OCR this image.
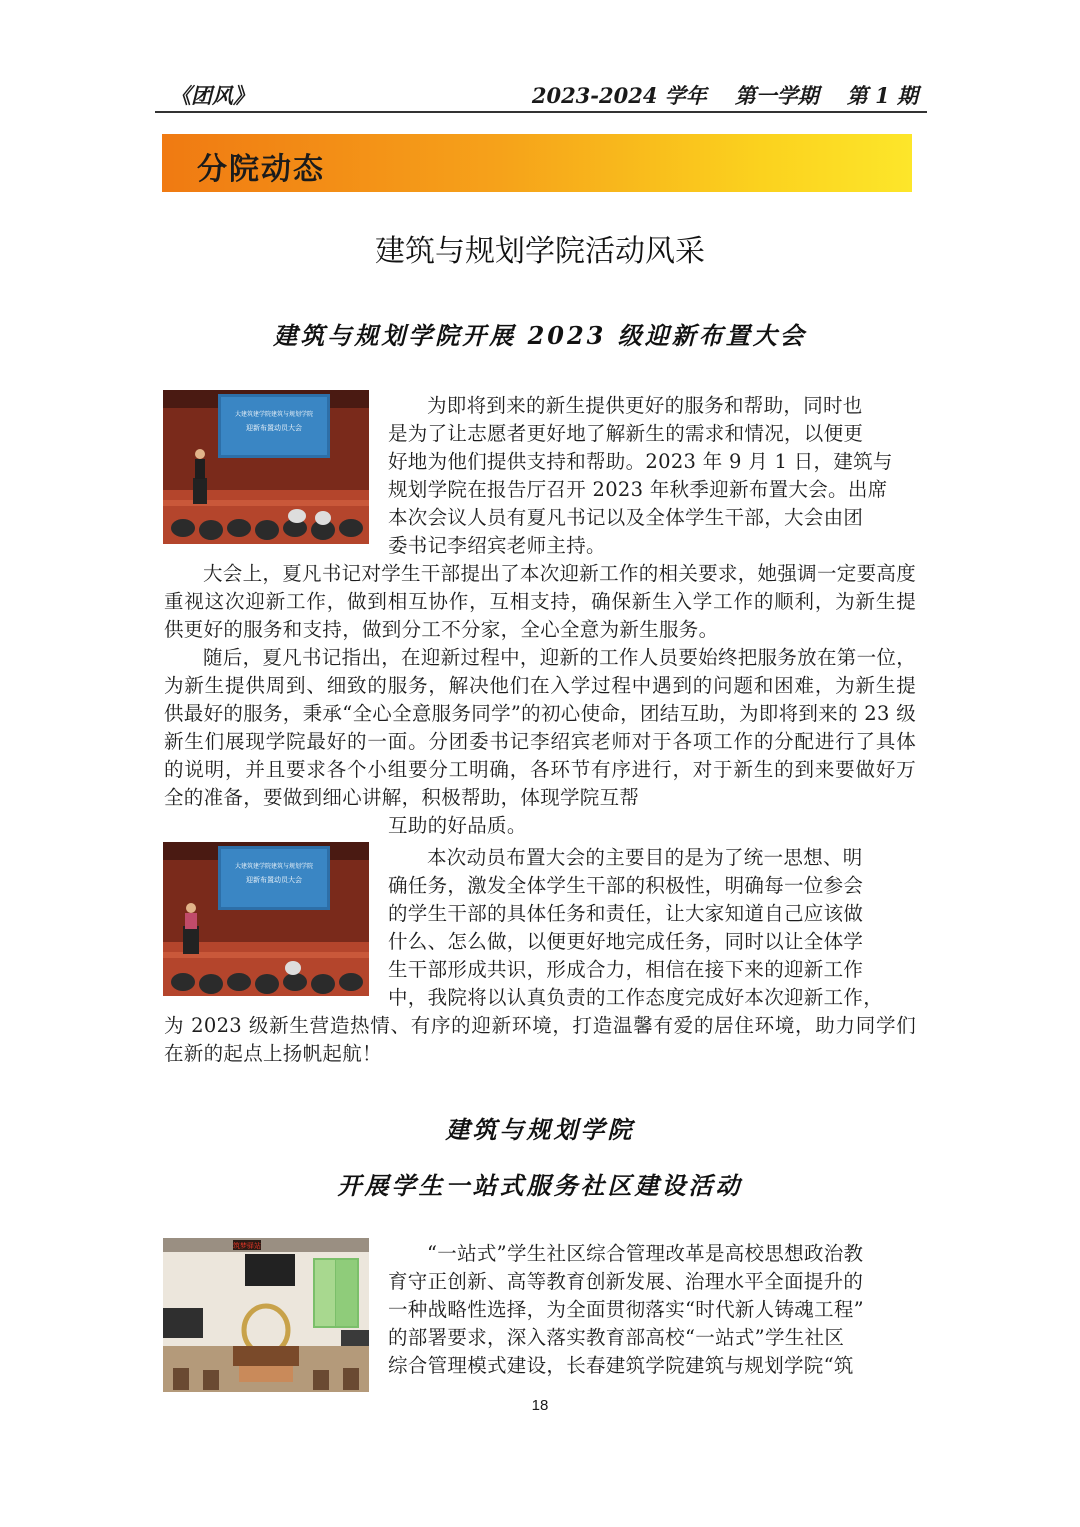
《团风》	2023-2024 学年 第一学期 第 1 期
分院动态
建筑与规划学院活动风采
建筑与规划学院开展 2023 级迎新布置大会
大建筑建学院建筑与规划学院
迎新布置动员大会
为即将到来的新生提供更好的服务和帮助，同时也
是为了让志愿者更好地了解新生的需求和情况，以便更
好地为他们提供支持和帮助。2023 年 9 月 1 日，建筑与
规划学院在报告厅召开 2023 年秋季迎新布置大会。出席
本次会议人员有夏凡书记以及全体学生干部，大会由团
委书记李绍宾老师主持。
大会上，夏凡书记对学生干部提出了本次迎新工作的相关要求，她强调一定要高度重视这次迎新工作，做到相互协作，互相支持，确保新生入学工作的顺利，为新生提供更好的服务和支持，做到分工不分家，全心全意为新生服务。
随后，夏凡书记指出，在迎新过程中，迎新的工作人员要始终把服务放在第一位，为新生提供周到、细致的服务，解决他们在入学过程中遇到的问题和困难，为新生提供最好的服务，秉承“全心全意服务同学”的初心使命，团结互助，为即将到来的 23 级新生们展现学院最好的一面。分团委书记李绍宾老师对于各项工作的分配进行了具体的说明，并且要求各个小组要分工明确，各环节有序进行，对于新生的到来要做好万全的准备，要做到细心讲解，积极帮助，体现学院互帮
互助的好品质。
大建筑建学院建筑与规划学院
迎新布置动员大会
本次动员布置大会的主要目的是为了统一思想、明
确任务，激发全体学生干部的积极性，明确每一位参会
的学生干部的具体任务和责任，让大家知道自己应该做
什么、怎么做，以便更好地完成任务，同时以让全体学
生干部形成共识，形成合力，相信在接下来的迎新工作
中，我院将以认真负责的工作态度完成好本次迎新工作，
为 2023 级新生营造热情、有序的迎新环境，打造温馨有爱的居住环境，助力同学们在新的起点上扬帆起航！
建筑与规划学院
开展学生一站式服务社区建设活动
筑梦驿站	“一站式”学生社区综合管理改革是高校思想政治教
育守正创新、高等教育创新发展、治理水平全面提升的
一种战略性选择，为全面贯彻落实“时代新人铸魂工程”
的部署要求，深入落实教育部高校“一站式”学生社区
综合管理模式建设，长春建筑学院建筑与规划学院“筑
18
